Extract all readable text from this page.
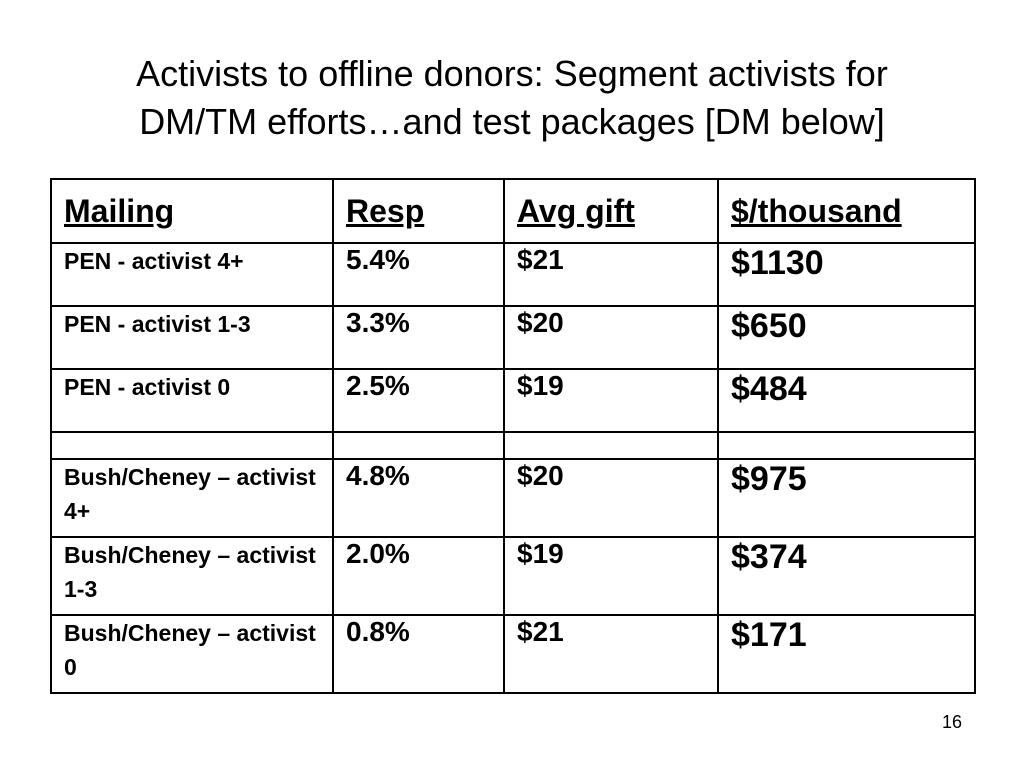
Activists to offline donors: Segment activists for
DM/TM efforts…and test packages [DM below]
Mailing	Resp	Avg gift	$/thousand
PEN - activist 4+	5.4%	$21	$1130
PEN - activist 1-3	3.3%	$20	$650
PEN - activist 0	2.5%	$19	$484

Bush/Cheney – activist 4+	4.8%	$20	$975
Bush/Cheney – activist 1-3	2.0%	$19	$374
Bush/Cheney – activist 0	0.8%	$21	$171
16
